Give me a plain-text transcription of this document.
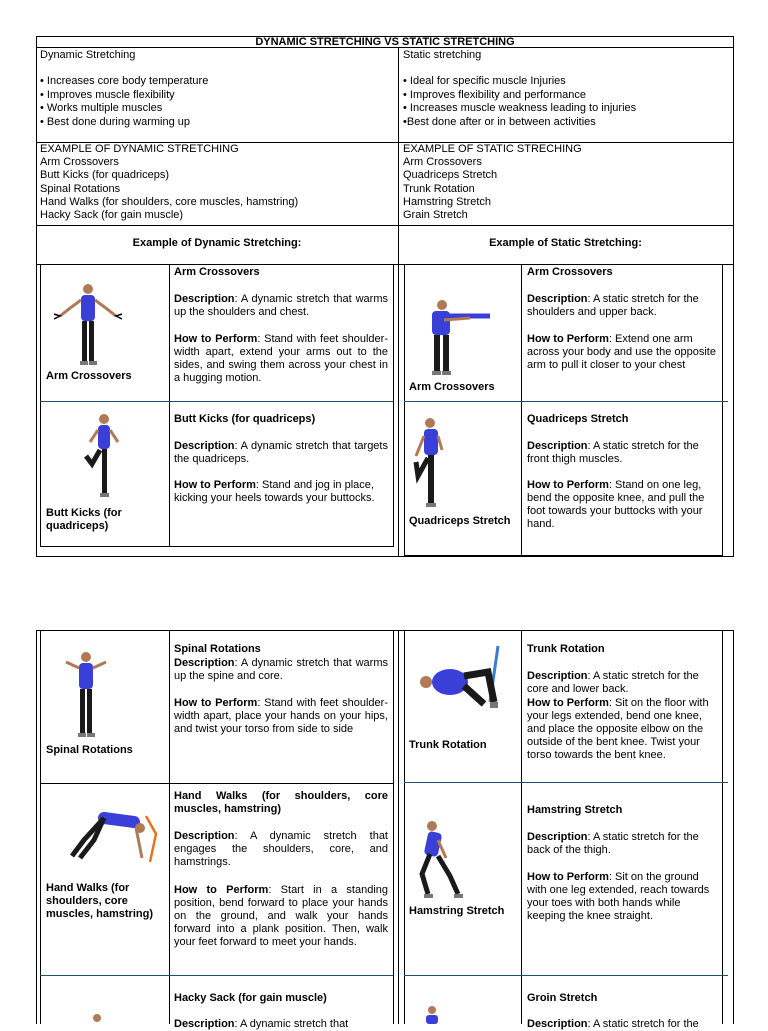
DYNAMIC STRETCHING VS STATIC STRETCHING
Dynamic Stretching	Static stretching
• Increases core body temperature
• Improves muscle flexibility
• Works multiple muscles
• Best done during warming up
• Ideal for specific muscle Injuries
• Improves flexibility and performance
• Increases muscle weakness leading to injuries
•Best done after or in between activities
EXAMPLE OF DYNAMIC STRETCHING
Arm Crossovers
Butt Kicks (for quadriceps)
Spinal Rotations
Hand Walks (for shoulders, core muscles, hamstring)
Hacky Sack (for gain muscle)
EXAMPLE OF STATIC STRECHING
Arm Crossovers
Quadriceps Stretch
Trunk Rotation
Hamstring Stretch
Grain Stretch
Example of Dynamic Stretching:	Example of Static Stretching:
Arm Crossovers
Arm Crossovers
Description: A dynamic stretch that warms up the shoulders and chest.
How to Perform: Stand with feet shoulder-width apart, extend your arms out to the sides, and swing them across your chest in a hugging motion.
Butt Kicks (for quadriceps)
Butt Kicks (for quadriceps)
Description: A dynamic stretch that targets the quadriceps.
How to Perform: Stand and jog in place, kicking your heels towards your buttocks.
Arm Crossovers
Arm Crossovers
Description: A static stretch for the shoulders and upper back.
How to Perform: Extend one arm across your body and use the opposite arm to pull it closer to your chest
Quadriceps Stretch
Quadriceps Stretch
Description: A static stretch for the front thigh muscles.
How to Perform: Stand on one leg, bend the opposite knee, and pull the foot towards your buttocks with your hand.
Spinal Rotations
Spinal Rotations
Description: A dynamic stretch that warms up the spine and core.
How to Perform: Stand with feet shoulder-width apart, place your hands on your hips, and twist your torso from side to side
Hand Walks (for shoulders, core muscles, hamstring)
Hand Walks (for shoulders, core muscles, hamstring)
Description: A dynamic stretch that engages the shoulders, core, and hamstrings.
How to Perform: Start in a standing position, bend forward to place your hands on the ground, and walk your hands forward into a plank position. Then, walk your feet forward to meet your hands.
Hacky Sack (for gain muscle)
Description: A dynamic stretch that
Trunk Rotation
Trunk Rotation
Description: A static stretch for the core and lower back.
How to Perform: Sit on the floor with your legs extended, bend one knee, and place the opposite elbow on the outside of the bent knee. Twist your torso towards the bent knee.
Hamstring Stretch
Hamstring Stretch
Description: A static stretch for the back of the thigh.
How to Perform: Sit on the ground with one leg extended, reach towards your toes with both hands while keeping the knee straight.
Groin Stretch
Description: A static stretch for the
